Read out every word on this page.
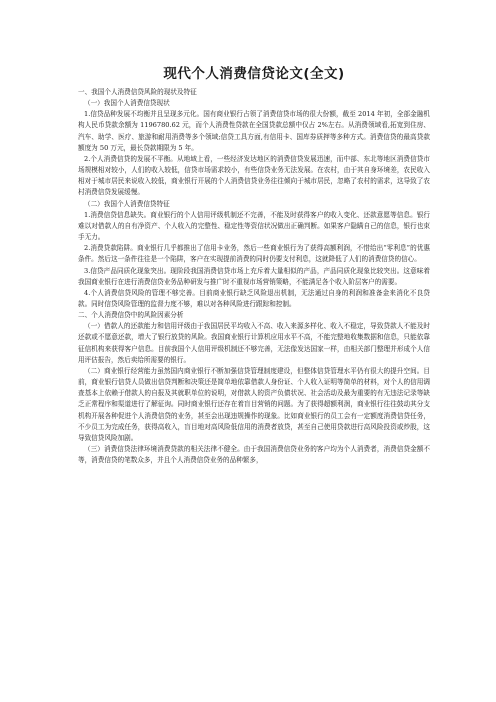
现代个人消费信贷论文(全文)

一、我国个人消费信贷风险的现状及特征

（一）我国个人消费信贷现状

1.信贷品种发展不均衡并且呈现多元化。国有商业银行占领了消费信贷市场的很大份额，截至 2014 年初，全部金融机构人民币贷款余额为 1196780.62 元，而个人消费性贷款在全国贷款总额中仅占 2%左右。从消费领域看,拓宽到住房、汽车、助学、医疗、旅游和耐用消费等多个领域;信贷工具方面,有信用卡、国库券质押等多种方式。消费信贷的最高贷款额度为 50 万元，最长贷款期限为 5 年。

2.个人消费信贷的发展不平衡。从地域上看，一些经济发达地区的消费信贷发展迅速，而中部、东北等地区消费信贷市场规模相对较小，人们的收入较低，信贷市场需求较小，有些信贷业务无法发展。在农村，由于其自身环境差，农民收入相对于城市居民来说收入较低，商业银行开展的个人消费信贷业务往往倾向于城市居民，忽略了农村的需求，这导致了农村消费信贷发展缓慢。

（二）我国个人消费信贷特征

1.消费信贷信息缺失。商业银行的个人信用评级机制还不完善，不能及时获得客户的收入变化、还款意愿等信息。银行难以对借款人的自有净资产、个人收入的完整性、稳定性等资信状况做出正确判断。如果客户隐瞒自己的信息，银行也束手无力。

2.消费贷款陷阱。商业银行几乎都推出了信用卡业务，然后一些商业银行为了获得高额利润，不惜给出“零利息”的优惠条件。然后这一条件往往是一个陷阱，客户在实现提前消费的同时仍要支付利息，这就降低了人们的消费信贷的信心。

3.信贷产品同质化现象突出。现阶段我国消费信贷市场上充斥着大量相似的产品，产品同质化现象比较突出。这意味着我国商业银行在进行消费信贷业务品种研发与推广时不重视市场营销策略，不能满足各个收入阶层客户的需要。

4.个人消费信贷风险的管理不够完善。目前商业银行缺乏风险退出机制，无法通过自身的利润和准备金来消化不良贷款。同时信贷风险管理的监督力度不够，难以对各种风险进行跟踪和控制。

二、个人消费信贷中的风险因素分析

（一）借款人的还款能力和信用评级由于我国居民平均收入不高、收入来源多样化、收入不稳定，导致贷款人不能及时还款或不愿意还款，增大了银行放贷的风险。我国商业银行计算机应用水平不高，不能完整地收集数据和信息，只能依靠征信机构来获得客户信息。目前我国个人信用评级机制还不够完善，无法像发达国家一样，由相关部门整理并形成个人信用评估报告，然后卖给所需要的银行。

（二）商业银行经营能力虽然国内商业银行不断加强信贷管理制度建设，但整体信贷管理水平仍有很大的提升空间。目前，商业银行信贷人员做出信贷判断和决策还是简单地依靠借款人身份证、个人收入证明等简单的材料，对个人的信用调查基本上依赖于借款人的自报及其就职单位的说明，对借款人的资产负债状况、社会活动及最为重要的有无违法记录等缺乏正常程序和渠道进行了解征询。同时商业银行还存在着盲目营销的问题。为了获得超额利润，商业银行往往鼓动其分支机构开展各种促进个人消费信贷的业务，甚至会出现违规操作的现象。比如商业银行的员工会有一定额度消费信贷任务，不少员工为完成任务，获得高收入，盲目地对高风险低信用的消费者放贷，甚至自己使用贷款进行高风险投资或炒股，这导致信贷风险加剧。

（三）消费信贷法律环境消费贷款的相关法律不健全。由于我国消费信贷业务的客户均为个人消费者，消费信贷金额不等，消费信贷的笔数众多，并且个人消费信贷业务的品种繁多，
